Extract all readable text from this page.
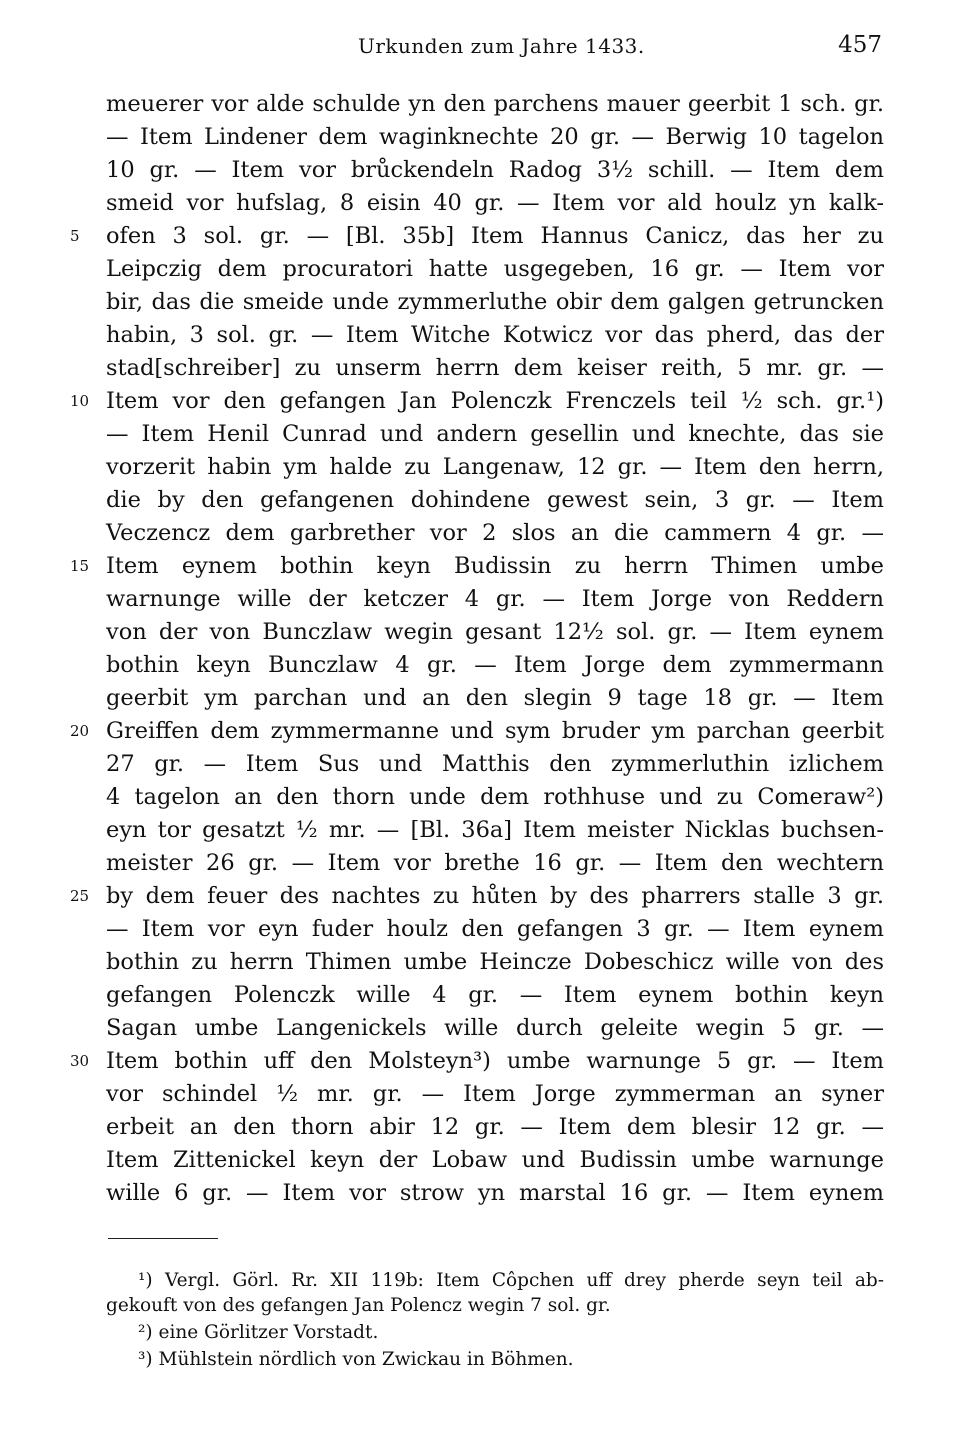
Urkunden zum Jahre 1433.	457
meuerer vor alde schulde yn den parchens mauer geerbit 1 sch. gr.
— Item Lindener dem waginknechte 20 gr. — Berwig 10 tagelon
10 gr. — Item vor brůckendeln Radog 3½ schill. — Item dem
smeid vor hufslag, 8 eisin 40 gr. — Item vor ald houlz yn kalk-
5	ofen 3 sol. gr. — [Bl. 35b] Item Hannus Canicz, das her zu
Leipczig dem procuratori hatte usgegeben, 16 gr. — Item vor
bir, das die smeide unde zymmerluthe obir dem galgen getruncken
habin, 3 sol. gr. — Item Witche Kotwicz vor das pherd, das der
stad[schreiber] zu unserm herrn dem keiser reith, 5 mr. gr. —
10 Item vor den gefangen Jan Polenczk Frenczels teil ½ sch. gr.¹)
— Item Henil Cunrad und andern gesellin und knechte, das sie
vorzerit habin ym halde zu Langenaw, 12 gr. — Item den herrn,
die by den gefangenen dohindene gewest sein, 3 gr. — Item
Veczencz dem garbrether vor 2 slos an die cammern 4 gr. —
15 Item eynem bothin keyn Budissin zu herrn Thimen umbe
warnunge wille der ketczer 4 gr. — Item Jorge von Reddern
von der von Bunczlaw wegin gesant 12½ sol. gr. — Item eynem
bothin keyn Bunczlaw 4 gr. — Item Jorge dem zymmermann
geerbit ym parchan und an den slegin 9 tage 18 gr. — Item
20 Greiffen dem zymmermanne und sym bruder ym parchan geerbit
27 gr. — Item Sus und Matthis den zymmerluthin izlichem
4 tagelon an den thorn unde dem rothhuse und zu Comeraw²)
eyn tor gesatzt ½ mr. — [Bl. 36a] Item meister Nicklas buchsen-
meister 26 gr. — Item vor brethe 16 gr. — Item den wechtern
25 by dem feuer des nachtes zu hůten by des pharrers stalle 3 gr.
— Item vor eyn fuder houlz den gefangen 3 gr. — Item eynem
bothin zu herrn Thimen umbe Heincze Dobeschicz wille von des
gefangen Polenczk wille 4 gr. — Item eynem bothin keyn
Sagan umbe Langenickels wille durch geleite wegin 5 gr. —
30 Item bothin uff den Molsteyn³) umbe warnunge 5 gr. — Item
vor schindel ½ mr. gr. — Item Jorge zymmerman an syner
erbeit an den thorn abir 12 gr. — Item dem blesir 12 gr. —
Item Zittenickel keyn der Lobaw und Budissin umbe warnunge
wille 6 gr. — Item vor strow yn marstal 16 gr. — Item eynem
¹) Vergl. Görl. Rr. XII 119b: Item Côpchen uff drey pherde seyn teil ab-
gekouft von des gefangen Jan Polencz wegin 7 sol. gr.
²) eine Görlitzer Vorstadt.
³) Mühlstein nördlich von Zwickau in Böhmen.
